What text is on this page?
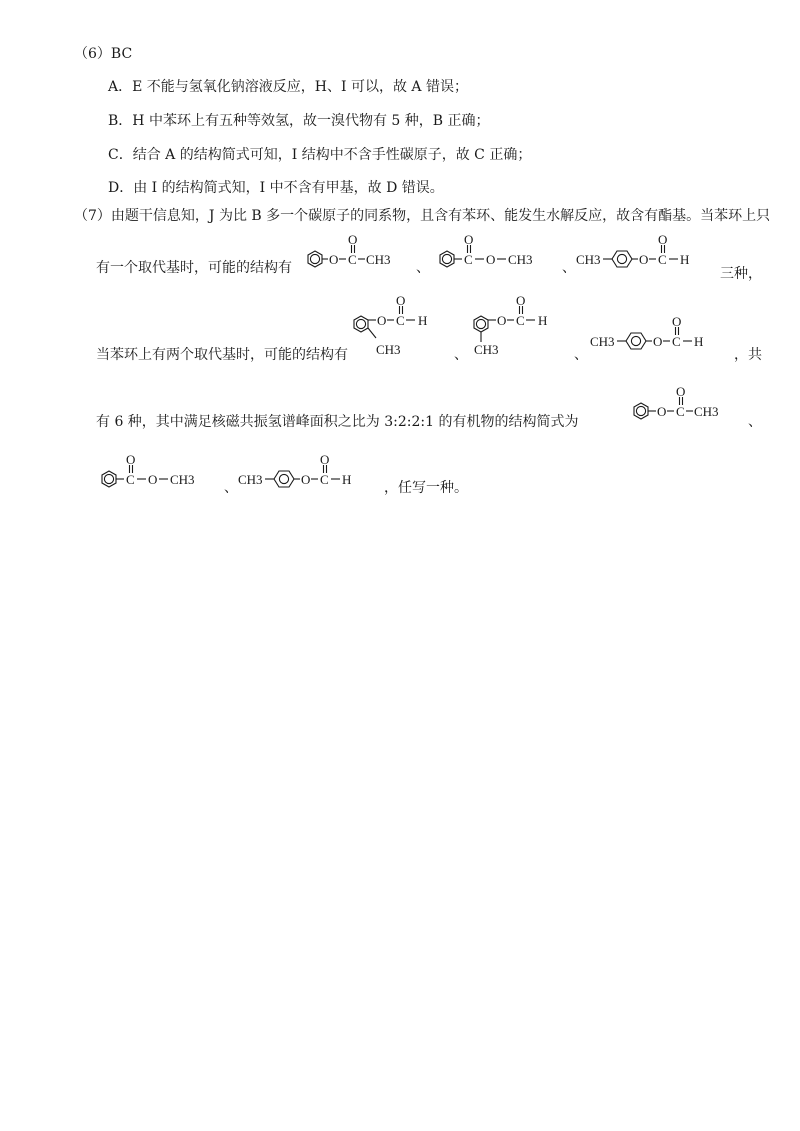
（6）BC
A．E 不能与氢氧化钠溶液反应，H、I 可以，故 A 错误；
B．H 中苯环上有五种等效氢，故一溴代物有 5 种，B 正确；
C．结合 A 的结构简式可知，I 结构中不含手性碳原子，故 C 正确；
D．由 I 的结构简式知，I 中不含有甲基，故 D 错误。
（7）由题干信息知，J 为比 B 多一个碳原子的同系物，且含有苯环、能发生水解反应，故含有酯基。当苯环上只
有一个取代基时，可能的结构有
O C
O
CH3
、
C
O
O CH3
、
CH3	O C
O
H
三种，
当苯环上有两个取代基时，可能的结构有
O C
O
H
CH3	、
O C
O
H
CH3	、
CH3	O C
O
H
，共
有 6 种，其中满足核磁共振氢谱峰面积之比为 3:2:2:1 的有机物的结构简式为
O C
O
CH3
、
C
O
O CH3
、
CH3	O C
O
H
，任写一种。
